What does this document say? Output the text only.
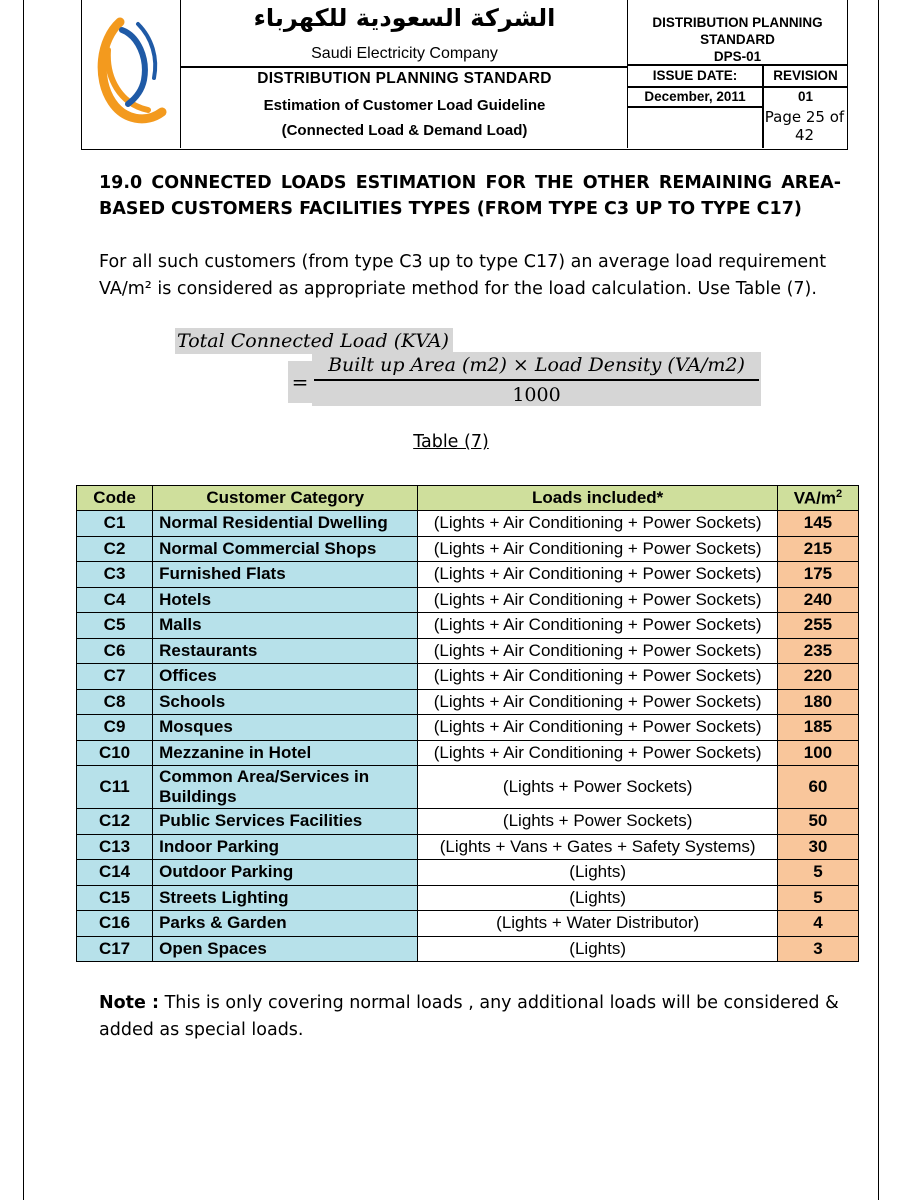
الشركة السعودية للكهرباء
Saudi Electricity Company
DISTRIBUTION PLANNING STANDARD
Estimation of Customer Load Guideline
(Connected Load & Demand Load)
DISTRIBUTION PLANNING STANDARD
DPS-01
ISSUE DATE:	REVISION
December, 2011	01
Page 25 of 42
19.0 CONNECTED LOADS ESTIMATION FOR THE OTHER REMAINING AREA-BASED CUSTOMERS FACILITIES TYPES (FROM TYPE C3 UP TO TYPE C17)
For all such customers (from type C3 up to type C17) an average load requirement VA/m² is considered as appropriate method for the load calculation. Use Table (7).
Total Connected Load (KVA)
=
Built up Area (m2) × Load Density (VA/m2)
1000
Table (7)
Code	Customer Category	Loads included*	$VA/m^2$
C1	Normal Residential Dwelling	(Lights + Air Conditioning + Power Sockets)	145
C2	Normal Commercial Shops	(Lights + Air Conditioning + Power Sockets)	215
C3	Furnished Flats	(Lights + Air Conditioning + Power Sockets)	175
C4	Hotels	(Lights + Air Conditioning + Power Sockets)	240
C5	Malls	(Lights + Air Conditioning + Power Sockets)	255
C6	Restaurants	(Lights + Air Conditioning + Power Sockets)	235
C7	Offices	(Lights + Air Conditioning + Power Sockets)	220
C8	Schools	(Lights + Air Conditioning + Power Sockets)	180
C9	Mosques	(Lights + Air Conditioning + Power Sockets)	185
C10	Mezzanine in Hotel	(Lights + Air Conditioning + Power Sockets)	100
C11	Common Area/Services in Buildings	(Lights + Power Sockets)	60
C12	Public Services Facilities	(Lights + Power Sockets)	50
C13	Indoor Parking	(Lights + Vans + Gates + Safety Systems)	30
C14	Outdoor Parking	(Lights)	5
C15	Streets Lighting	(Lights)	5
C16	Parks & Garden	(Lights + Water Distributor)	4
C17	Open Spaces	(Lights)	3
Note : This is only covering normal loads , any additional loads will be considered & added as special loads.
